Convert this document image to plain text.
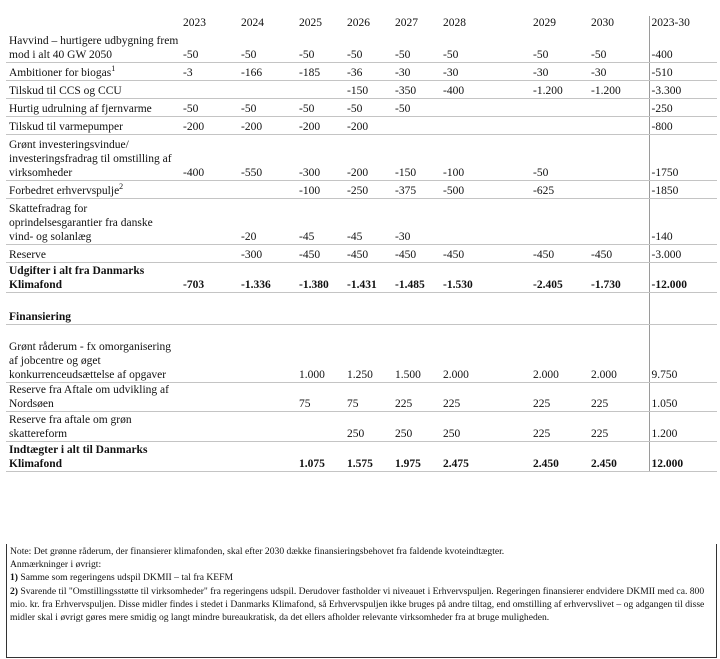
	2023	2024	2025	2026	2027	2028	2029	2030	2023-30
Havvind – hurtigere udbygning frem mod i alt 40 GW 2050	-50	-50	-50	-50	-50	-50	-50	-50	-400
Ambitioner for biogas$^1$	-3	-166	-185	-36	-30	-30	-30	-30	-510
Tilskud til CCS og CCU				-150	-350	-400	-1.200	-1.200	-3.300
Hurtig udrulning af fjernvarme	-50	-50	-50	-50	-50				-250
Tilskud til varmepumper	-200	-200	-200	-200					-800
Grønt investeringsvindue/ investeringsfradrag til omstilling af virksomheder	-400	-550	-300	-200	-150	-100	-50		-1750
Forbedret erhvervspulje$^2$			-100	-250	-375	-500	-625		-1850
Skattefradrag for oprindelsesgarantier fra danske vind- og solanlæg		-20	-45	-45	-30				-140
Reserve		-300	-450	-450	-450	-450	-450	-450	-3.000
Udgifter i alt fra Danmarks Klimafond	-703	-1.336	-1.380	-1.431	-1.485	-1.530	-2.405	-1.730	-12.000

Finansiering									
Grønt råderum - fx omorganisering af jobcentre og øget konkurrenceudsættelse af opgaver			1.000	1.250	1.500	2.000	2.000	2.000	9.750
Reserve fra Aftale om udvikling af Nordsøen			75	75	225	225	225	225	1.050
Reserve fra aftale om grøn skattereform				250	250	250	225	225	1.200
Indtægter i alt til Danmarks Klimafond			1.075	1.575	1.975	2.475	2.450	2.450	12.000

Note: Det grønne råderum, der finansierer klimafonden, skal efter 2030 dække finansieringsbehovet fra faldende kvoteindtægter.

Anmærkninger i øvrigt:

1) Samme som regeringens udspil DKMII – tal fra KEFM

2) Svarende til "Omstillingsstøtte til virksomheder" fra regeringens udspil. Derudover fastholder vi niveauet i Erhvervspuljen. Regeringen finansierer endvidere DKMII med ca. 800 mio. kr. fra Erhvervspuljen. Disse midler findes i stedet i Danmarks Klimafond, så Erhvervspuljen ikke bruges på andre tiltag, end omstilling af erhvervslivet – og adgangen til disse midler skal i øvrigt gøres mere smidig og langt mindre bureaukratisk, da det ellers afholder relevante virksomheder fra at bruge muligheden.
